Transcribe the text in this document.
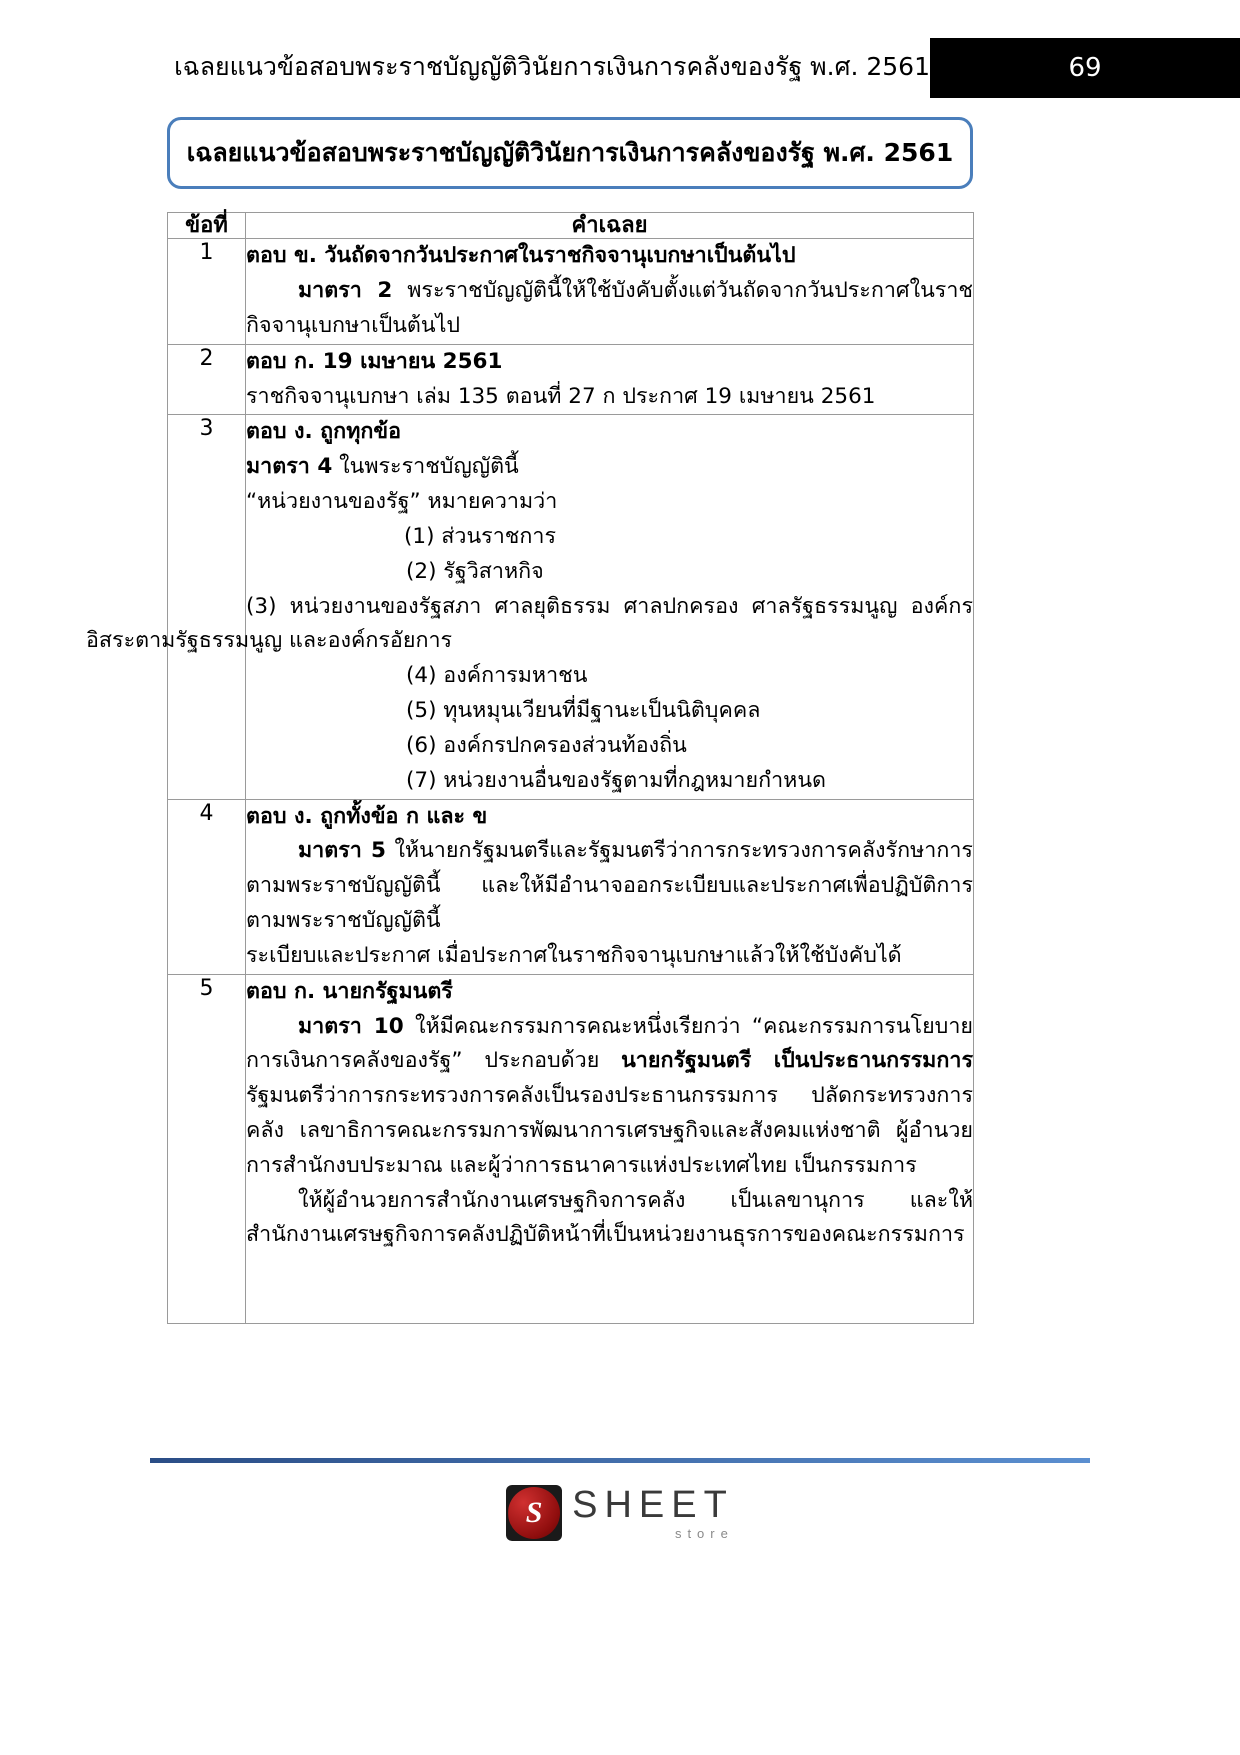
เฉลยแนวข้อสอบพระราชบัญญัติวินัยการเงินการคลังของรัฐ พ.ศ. 2561	69
เฉลยแนวข้อสอบพระราชบัญญัติวินัยการเงินการคลังของรัฐ พ.ศ. 2561
ข้อที่	คำเฉลย
1	ตอบ ข. วันถัดจากวันประกาศในราชกิจจานุเบกษาเป็นต้นไป

มาตรา 2 พระราชบัญญัตินี้ให้ใช้บังคับตั้งแต่วันถัดจากวันประกาศในราชกิจจานุเบกษาเป็นต้นไป

2	ตอบ ก. 19 เมษายน 2561

ราชกิจจานุเบกษา เล่ม 135 ตอนที่ 27 ก ประกาศ 19 เมษายน 2561

3	ตอบ ง. ถูกทุกข้อ

มาตรา 4 ในพระราชบัญญัตินี้

“หน่วยงานของรัฐ” หมายความว่า

(1) ส่วนราชการ

(2) รัฐวิสาหกิจ

(3) หน่วยงานของรัฐสภา ศาลยุติธรรม ศาลปกครอง ศาลรัฐธรรมนูญ องค์กรอิสระตามรัฐธรรมนูญ และองค์กรอัยการ

(4) องค์การมหาชน

(5) ทุนหมุนเวียนที่มีฐานะเป็นนิติบุคคล

(6) องค์กรปกครองส่วนท้องถิ่น

(7) หน่วยงานอื่นของรัฐตามที่กฎหมายกำหนด

4	ตอบ ง. ถูกทั้งข้อ ก และ ข

มาตรา 5 ให้นายกรัฐมนตรีและรัฐมนตรีว่าการกระทรวงการคลังรักษาการตามพระราชบัญญัตินี้ และให้มีอำนาจออกระเบียบและประกาศเพื่อปฏิบัติการตามพระราชบัญญัตินี้

ระเบียบและประกาศ เมื่อประกาศในราชกิจจานุเบกษาแล้วให้ใช้บังคับได้

5	ตอบ ก. นายกรัฐมนตรี

มาตรา 10 ให้มีคณะกรรมการคณะหนึ่งเรียกว่า “คณะกรรมการนโยบายการเงินการคลังของรัฐ” ประกอบด้วย นายกรัฐมนตรี เป็นประธานกรรมการ รัฐมนตรีว่าการกระทรวงการคลังเป็นรองประธานกรรมการ ปลัดกระทรวงการคลัง เลขาธิการคณะกรรมการพัฒนาการเศรษฐกิจและสังคมแห่งชาติ ผู้อำนวยการสำนักงบประมาณ และผู้ว่าการธนาคารแห่งประเทศไทย เป็นกรรมการ

ให้ผู้อำนวยการสำนักงานเศรษฐกิจการคลัง เป็นเลขานุการ และให้สำนักงานเศรษฐกิจการคลังปฏิบัติหน้าที่เป็นหน่วยงานธุรการของคณะกรรมการ

S SHEET
store
